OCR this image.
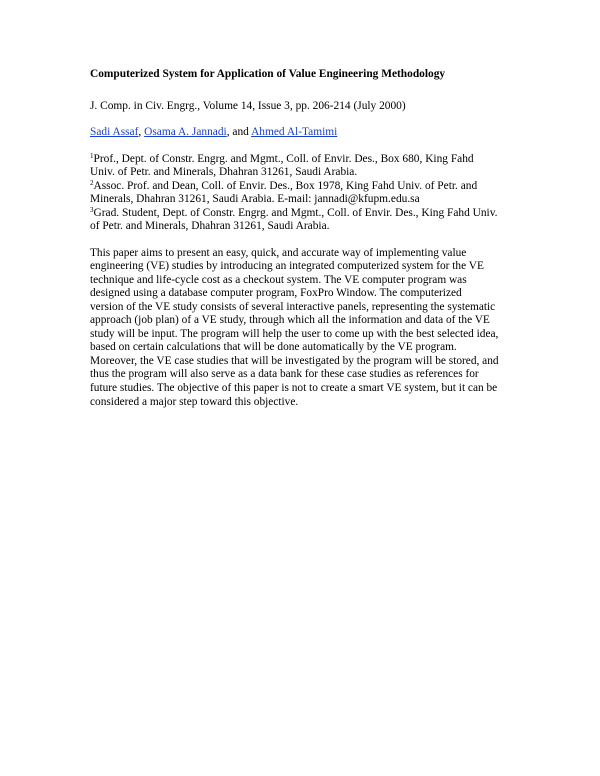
Computerized System for Application of Value Engineering Methodology

J. Comp. in Civ. Engrg., Volume 14, Issue 3, pp. 206-214 (July 2000)

Sadi Assaf, Osama A. Jannadi, and Ahmed Al-Tamimi

$^1$Prof., Dept. of Constr. Engrg. and Mgmt., Coll. of Envir. Des., Box 680, King Fahd
Univ. of Petr. and Minerals, Dhahran 31261, Saudi Arabia.

$^2$Assoc. Prof. and Dean, Coll. of Envir. Des., Box 1978, King Fahd Univ. of Petr. and
Minerals, Dhahran 31261, Saudi Arabia. E-mail: jannadi@kfupm.edu.sa

$^3$Grad. Student, Dept. of Constr. Engrg. and Mgmt., Coll. of Envir. Des., King Fahd Univ.
of Petr. and Minerals, Dhahran 31261, Saudi Arabia.

This paper aims to present an easy, quick, and accurate way of implementing value
engineering (VE) studies by introducing an integrated computerized system for the VE
technique and life-cycle cost as a checkout system. The VE computer program was
designed using a database computer program, FoxPro Window. The computerized
version of the VE study consists of several interactive panels, representing the systematic
approach (job plan) of a VE study, through which all the information and data of the VE
study will be input. The program will help the user to come up with the best selected idea,
based on certain calculations that will be done automatically by the VE program.
Moreover, the VE case studies that will be investigated by the program will be stored, and
thus the program will also serve as a data bank for these case studies as references for
future studies. The objective of this paper is not to create a smart VE system, but it can be
considered a major step toward this objective.
